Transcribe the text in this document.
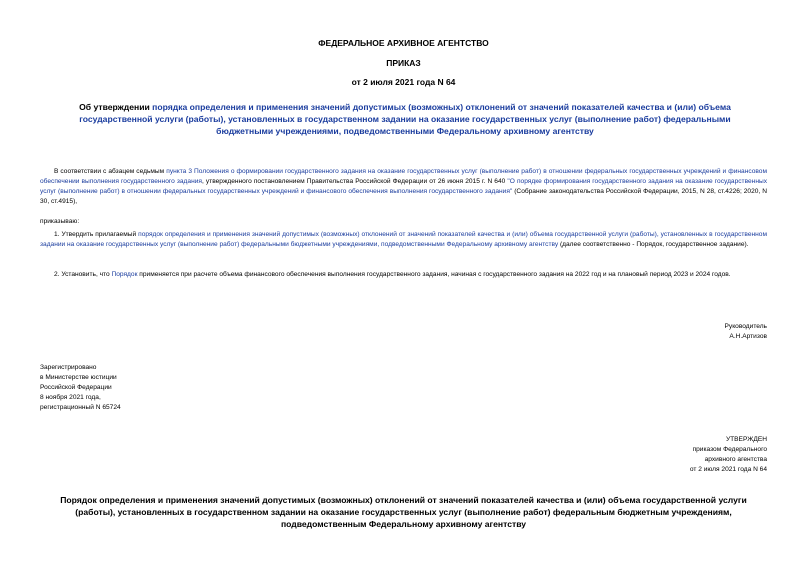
ФЕДЕРАЛЬНОЕ АРХИВНОЕ АГЕНТСТВО
ПРИКАЗ
от 2 июля 2021 года N 64
Об утверждении порядка определения и применения значений допустимых (возможных) отклонений от значений показателей качества и (или) объема государственной услуги (работы), установленных в государственном задании на оказание государственных услуг (выполнение работ) федеральными бюджетными учреждениями, подведомственными Федеральному архивному агентству
В соответствии с абзацем седьмым пункта 3 Положения о формировании государственного задания на оказание государственных услуг (выполнение работ) в отношении федеральных государственных учреждений и финансовом обеспечении выполнения государственного задания, утвержденного постановлением Правительства Российской Федерации от 26 июня 2015 г. N 640 "О порядке формирования государственного задания на оказание государственных услуг (выполнение работ) в отношении федеральных государственных учреждений и финансового обеспечения выполнения государственного задания" (Собрание законодательства Российской Федерации, 2015, N 28, ст.4226; 2020, N 30, ст.4915),
приказываю:
1. Утвердить прилагаемый порядок определения и применения значений допустимых (возможных) отклонений от значений показателей качества и (или) объема государственной услуги (работы), установленных в государственном задании на оказание государственных услуг (выполнение работ) федеральными бюджетными учреждениями, подведомственными Федеральному архивному агентству (далее соответственно - Порядок, государственное задание).
2. Установить, что Порядок применяется при расчете объема финансового обеспечения выполнения государственного задания, начиная с государственного задания на 2022 год и на плановый период 2023 и 2024 годов.
Руководитель
А.Н.Артизов
Зарегистрировано
в Министерстве юстиции
Российской Федерации
8 ноября 2021 года,
регистрационный N 65724
УТВЕРЖДЕН
приказом Федерального
архивного агентства
от 2 июля 2021 года N 64
Порядок определения и применения значений допустимых (возможных) отклонений от значений показателей качества и (или) объема государственной услуги (работы), установленных в государственном задании на оказание государственных услуг (выполнение работ) федеральным бюджетным учреждениям, подведомственным Федеральному архивному агентству
